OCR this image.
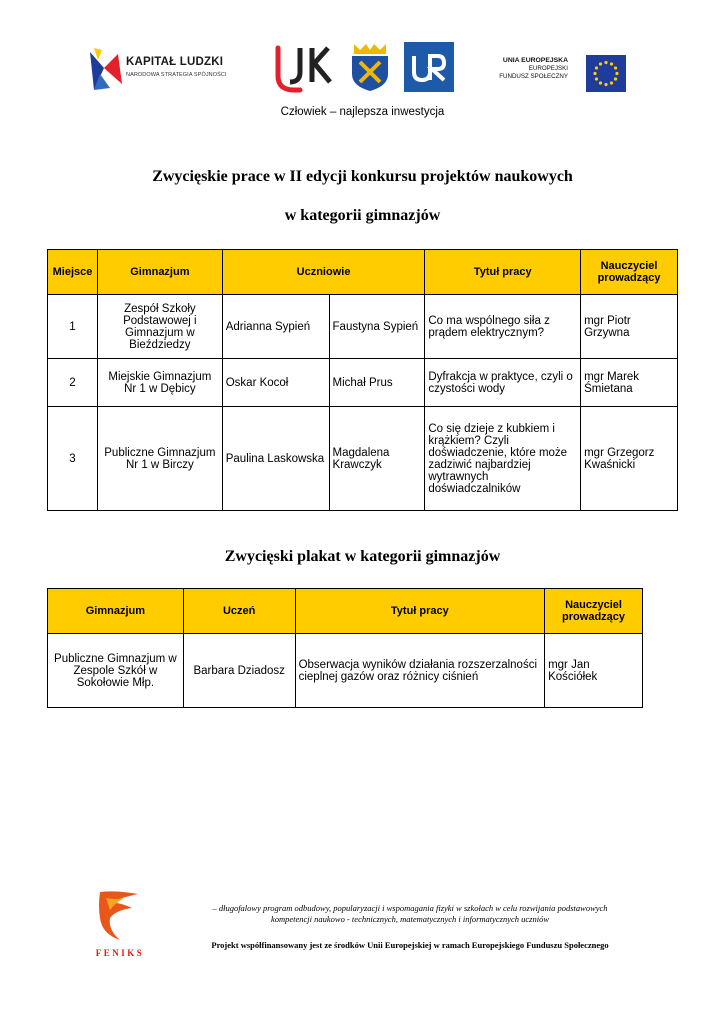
KAPITAŁ LUDZKI
NARODOWA STRATEGIA SPÓJNOŚCI
UNIA EUROPEJSKA
EUROPEJSKI
FUNDUSZ SPOŁECZNY
Człowiek – najlepsza inwestycja
Zwycięskie prace w II edycji konkursu projektów naukowych
w kategorii gimnazjów
Miejsce	Gimnazjum	Uczniowie		Tytuł pracy	Nauczyciel prowadzący
1	Zespół Szkoły Podstawowej i Gimnazjum w Bieździedzy	Adrianna Sypień	Faustyna Sypień	Co ma wspólnego siła z prądem elektrycznym?	mgr Piotr Grzywna
2	Miejskie Gimnazjum Nr 1 w Dębicy	Oskar Kocoł	Michał Prus	Dyfrakcja w praktyce, czyli o czystości wody	mgr Marek Śmietana
3	Publiczne Gimnazjum Nr 1 w Birczy	Paulina Laskowska	Magdalena Krawczyk	Co się dzieje z kubkiem i krążkiem? Czyli doświadczenie, które może zadziwić najbardziej wytrawnych doświadczalników	mgr Grzegorz Kwaśnicki
Zwycięski plakat w kategorii gimnazjów
Gimnazjum	Uczeń	Tytuł pracy	Nauczyciel prowadzący
Publiczne Gimnazjum w Zespole Szkół w Sokołowie Młp.	Barbara Dziadosz	Obserwacja wyników działania rozszerzalności cieplnej gazów oraz różnicy ciśnień	mgr Jan Kościółek
FENIKS
– długofalowy program odbudowy, popularyzacji i wspomagania fizyki w szkołach w celu rozwijania podstawowych
kompetencji naukowo - technicznych, matematycznych i informatycznych uczniów
Projekt współfinansowany jest ze środków Unii Europejskiej w ramach Europejskiego Funduszu Społecznego
